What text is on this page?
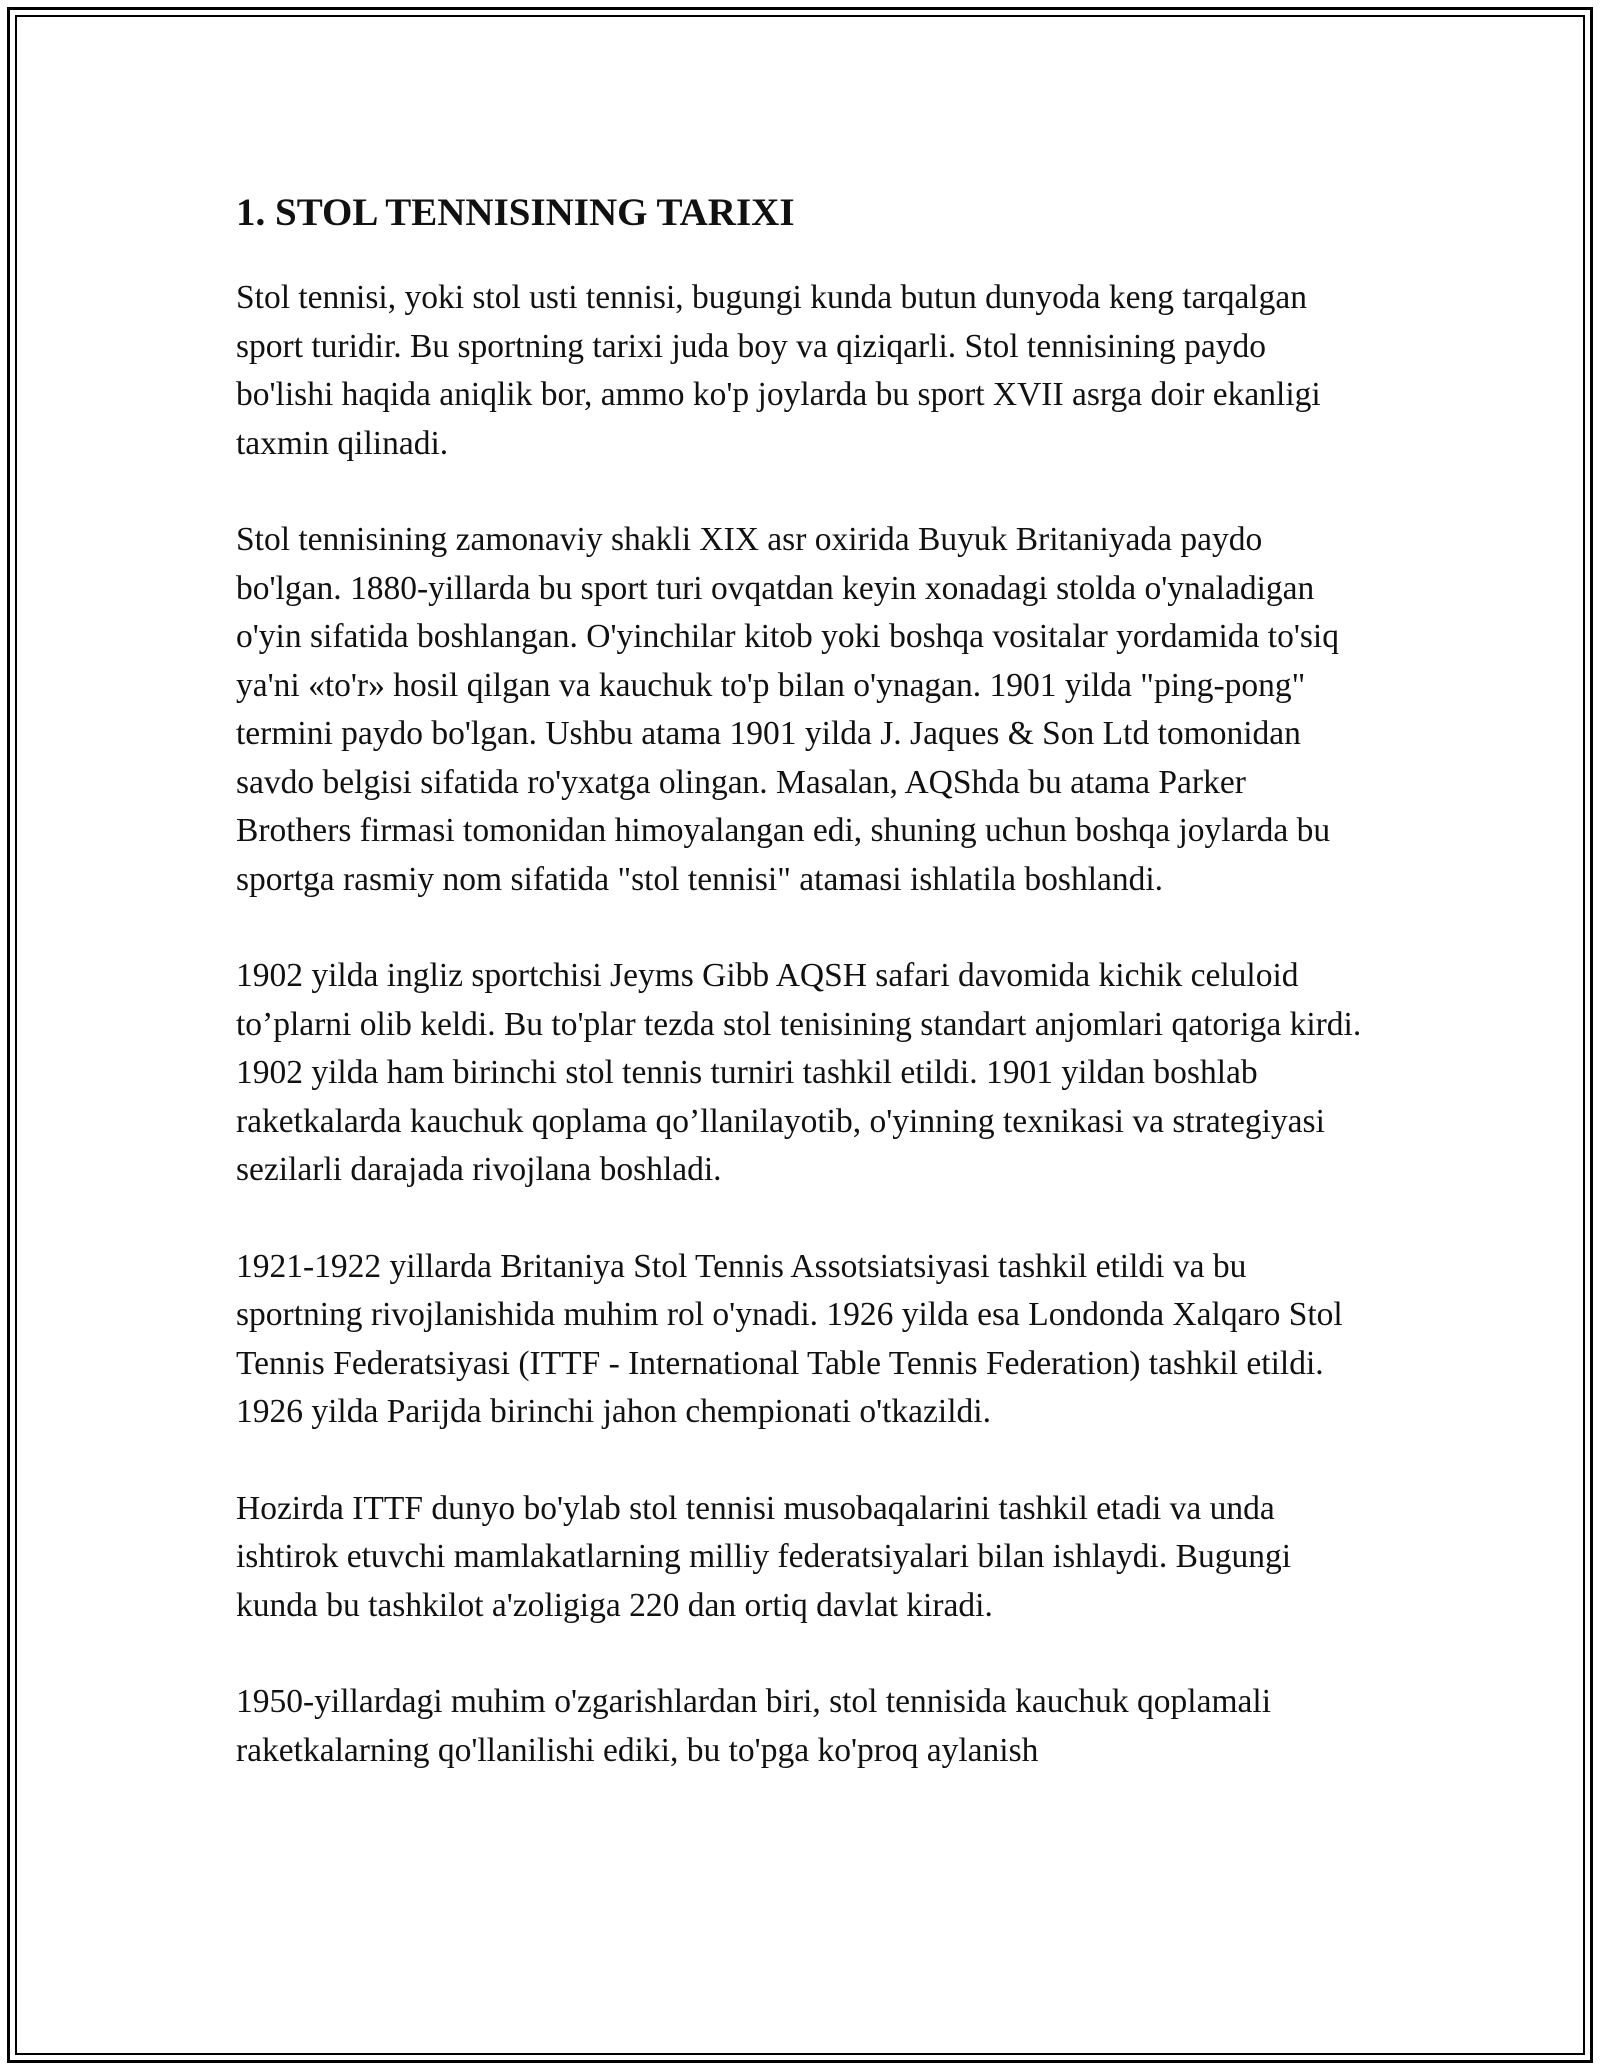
1. STOL TENNISINING TARIXI

Stol tennisi, yoki stol usti tennisi, bugungi kunda butun dunyoda keng tarqalgan sport turidir. Bu sportning tarixi juda boy va qiziqarli. Stol tennisining paydo bo'lishi haqida aniqlik bor, ammo ko'p joylarda bu sport XVII asrga doir ekanligi taxmin qilinadi.

Stol tennisining zamonaviy shakli XIX asr oxirida Buyuk Britaniyada paydo bo'lgan. 1880-yillarda bu sport turi ovqatdan keyin xonadagi stolda o'ynaladigan o'yin sifatida boshlangan. O'yinchilar kitob yoki boshqa vositalar yordamida to'siq ya'ni «to'r» hosil qilgan va kauchuk to'p bilan o'ynagan. 1901 yilda "ping-pong" termini paydo bo'lgan. Ushbu atama 1901 yilda J. Jaques & Son Ltd tomonidan savdo belgisi sifatida ro'yxatga olingan. Masalan, AQShda bu atama Parker Brothers firmasi tomonidan himoyalangan edi, shuning uchun boshqa joylarda bu sportga rasmiy nom sifatida "stol tennisi" atamasi ishlatila boshlandi.

1902 yilda ingliz sportchisi Jeyms Gibb AQSH safari davomida kichik celuloid to’plarni olib keldi. Bu to'plar tezda stol tenisining standart anjomlari qatoriga kirdi. 1902 yilda ham birinchi stol tennis turniri tashkil etildi. 1901 yildan boshlab raketkalarda kauchuk qoplama qo’llanilayotib, o'yinning texnikasi va strategiyasi sezilarli darajada rivojlana boshladi.

1921-1922 yillarda Britaniya Stol Tennis Assotsiatsiyasi tashkil etildi va bu sportning rivojlanishida muhim rol o'ynadi. 1926 yilda esa Londonda Xalqaro Stol Tennis Federatsiyasi (ITTF - International Table Tennis Federation) tashkil etildi. 1926 yilda Parijda birinchi jahon chempionati o'tkazildi.

Hozirda ITTF dunyo bo'ylab stol tennisi musobaqalarini tashkil etadi va unda ishtirok etuvchi mamlakatlarning milliy federatsiyalari bilan ishlaydi. Bugungi kunda bu tashkilot a'zoligiga 220 dan ortiq davlat kiradi.

1950-yillardagi muhim o'zgarishlardan biri, stol tennisida kauchuk qoplamali raketkalarning qo'llanilishi ediki, bu to'pga ko'proq aylanish
